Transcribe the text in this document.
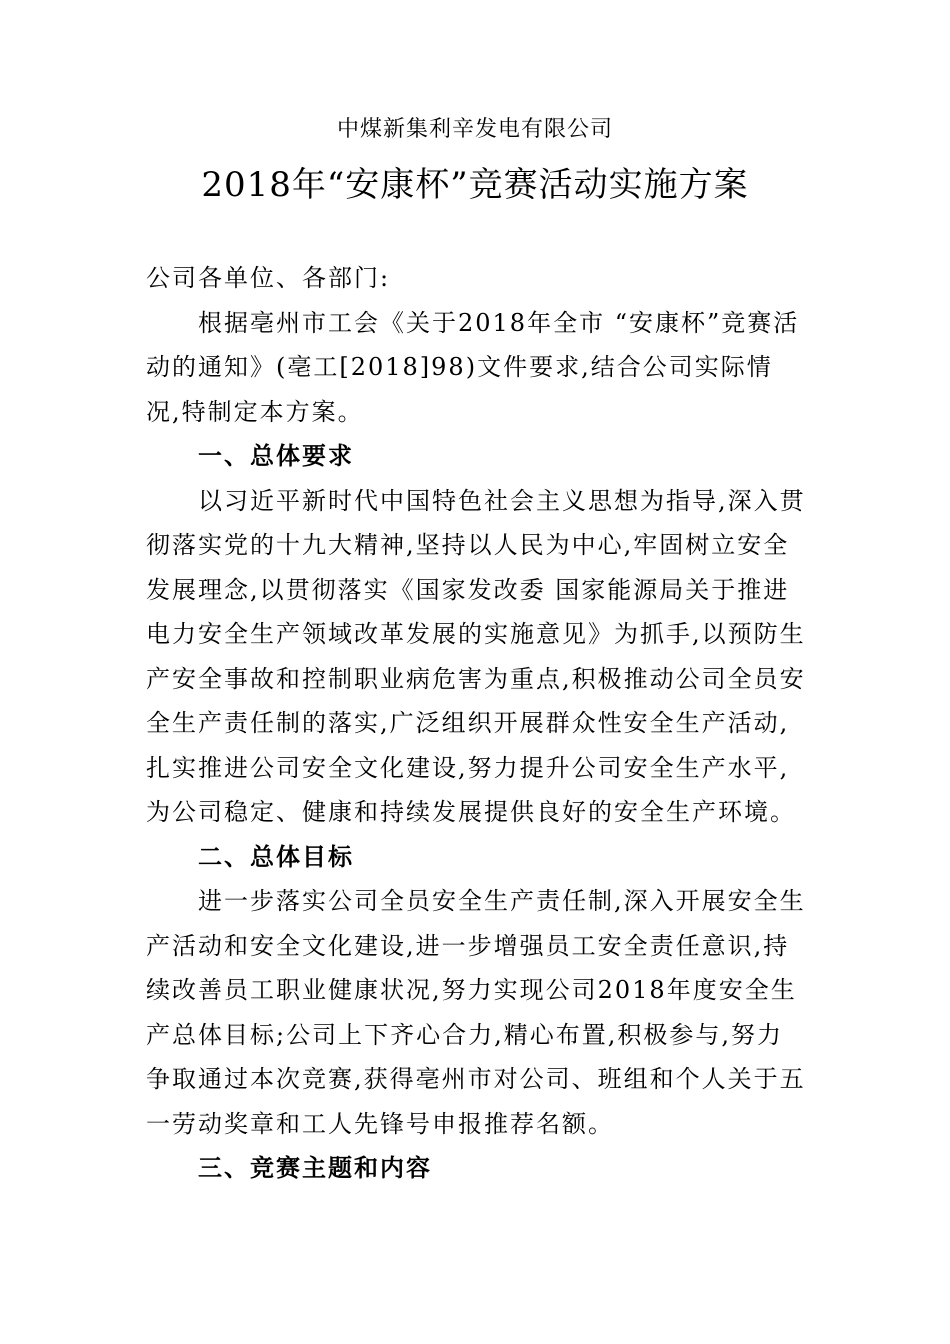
中煤新集利辛发电有限公司
2018年“安康杯”竞赛活动实施方案

公司各单位、各部门:

根据亳州市工会《关于2018年全市 “安康杯”竞赛活动的通知》(亳工[2018]98)文件要求,结合公司实际情况,特制定本方案。

一、总体要求

以习近平新时代中国特色社会主义思想为指导,深入贯彻落实党的十九大精神,坚持以人民为中心,牢固树立安全发展理念,以贯彻落实《国家发改委 国家能源局关于推进电力安全生产领域改革发展的实施意见》为抓手,以预防生产安全事故和控制职业病危害为重点,积极推动公司全员安全生产责任制的落实,广泛组织开展群众性安全生产活动,扎实推进公司安全文化建设,努力提升公司安全生产水平,为公司稳定、健康和持续发展提供良好的安全生产环境。

二、总体目标

进一步落实公司全员安全生产责任制,深入开展安全生产活动和安全文化建设,进一步增强员工安全责任意识,持续改善员工职业健康状况,努力实现公司2018年度安全生产总体目标;公司上下齐心合力,精心布置,积极参与,努力争取通过本次竞赛,获得亳州市对公司、班组和个人关于五一劳动奖章和工人先锋号申报推荐名额。

三、竞赛主题和内容
